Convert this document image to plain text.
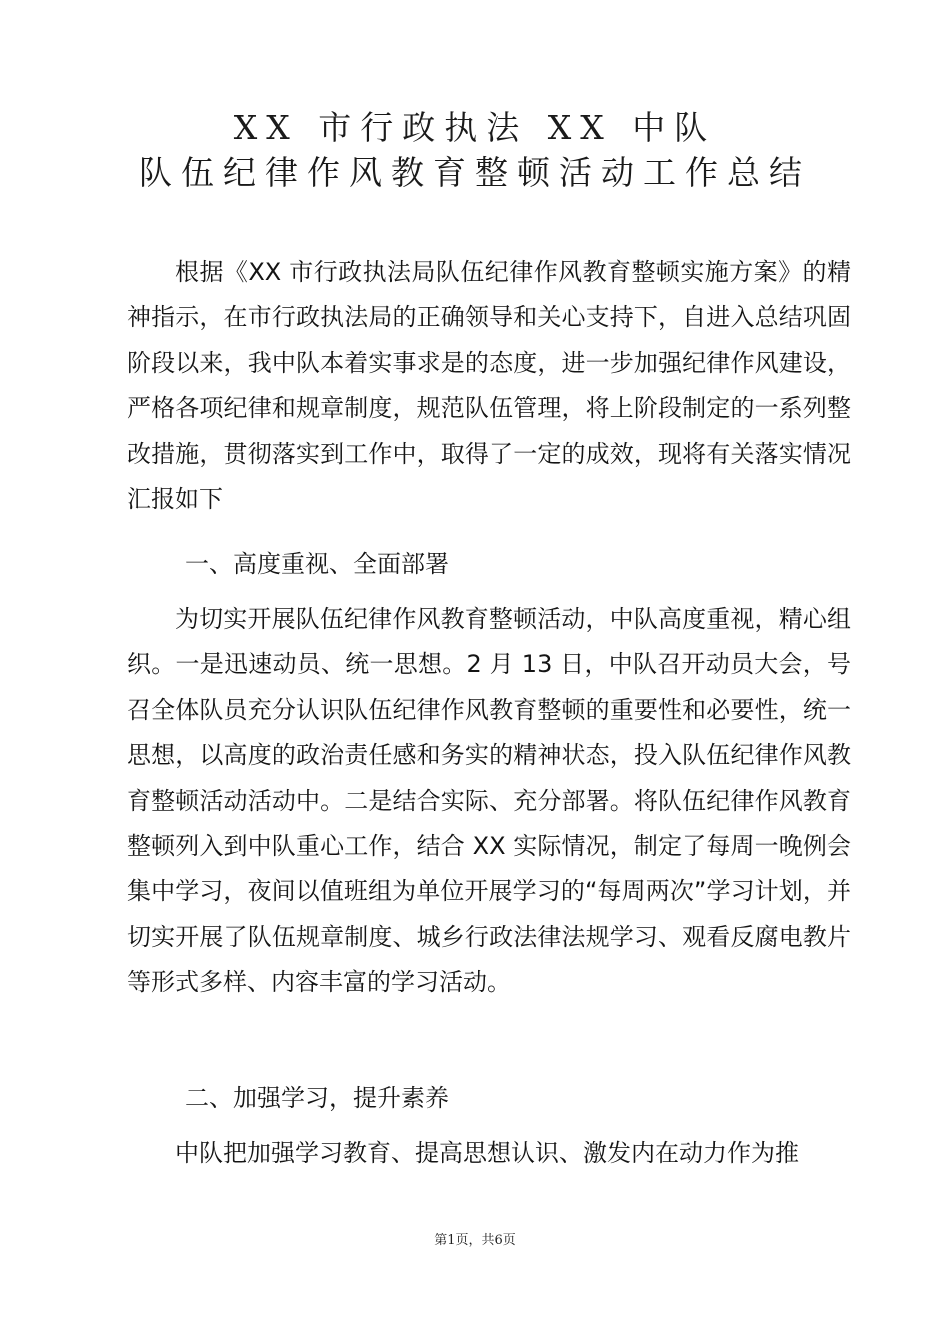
XX 市行政执法 XX 中队
队伍纪律作风教育整顿活动工作总结

根据《XX 市行政执法局队伍纪律作风教育整顿实施方案》的精神指示，在市行政执法局的正确领导和关心支持下，自进入总结巩固阶段以来，我中队本着实事求是的态度，进一步加强纪律作风建设，严格各项纪律和规章制度，规范队伍管理，将上阶段制定的一系列整改措施，贯彻落实到工作中，取得了一定的成效，现将有关落实情况汇报如下

一、高度重视、全面部署

为切实开展队伍纪律作风教育整顿活动，中队高度重视，精心组织。一是迅速动员、统一思想。2 月 13 日，中队召开动员大会，号召全体队员充分认识队伍纪律作风教育整顿的重要性和必要性，统一思想，以高度的政治责任感和务实的精神状态，投入队伍纪律作风教育整顿活动活动中。二是结合实际、充分部署。将队伍纪律作风教育整顿列入到中队重心工作，结合 XX 实际情况，制定了每周一晚例会集中学习，夜间以值班组为单位开展学习的“每周两次”学习计划，并切实开展了队伍规章制度、城乡行政法律法规学习、观看反腐电教片等形式多样、内容丰富的学习活动。

二、加强学习，提升素养

中队把加强学习教育、提高思想认识、激发内在动力作为推

第1页，共6页
